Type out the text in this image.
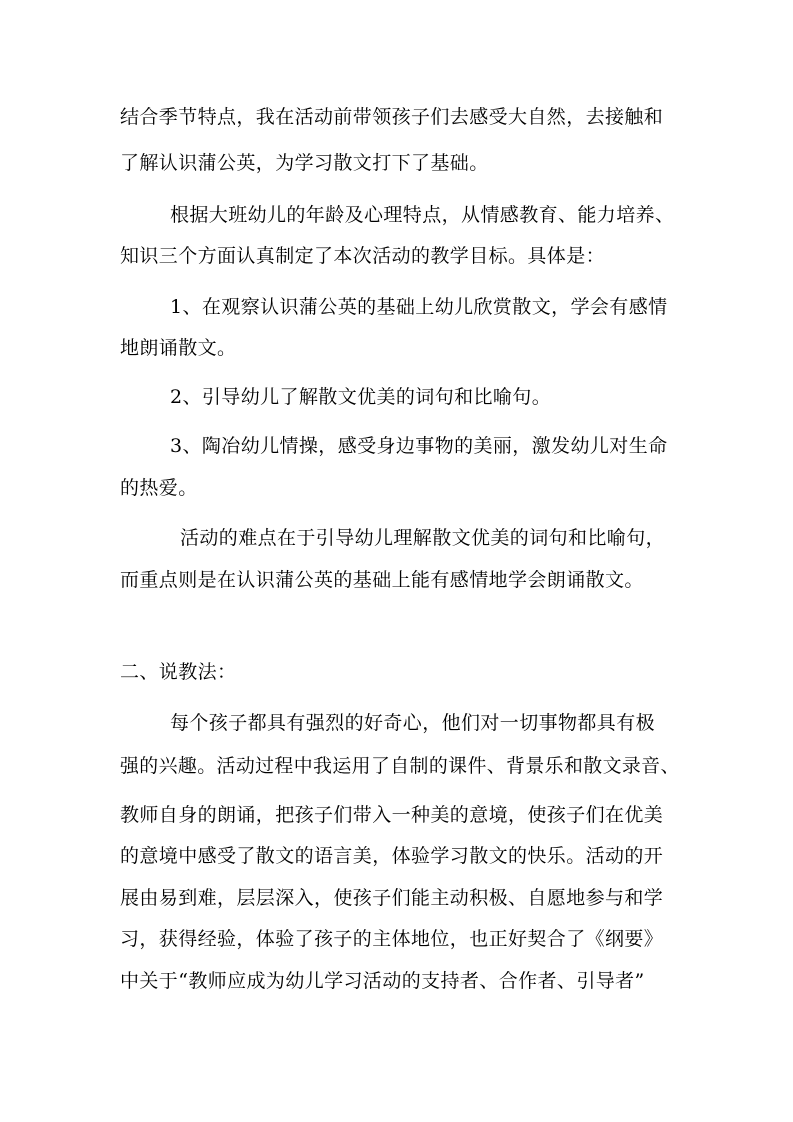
结合季节特点，我在活动前带领孩子们去感受大自然，去接触和
了解认识蒲公英，为学习散文打下了基础。
根据大班幼儿的年龄及心理特点，从情感教育、能力培养、
知识三个方面认真制定了本次活动的教学目标。具体是：
1、在观察认识蒲公英的基础上幼儿欣赏散文，学会有感情
地朗诵散文。
2、引导幼儿了解散文优美的词句和比喻句。
3、陶冶幼儿情操，感受身边事物的美丽，激发幼儿对生命
的热爱。
活动的难点在于引导幼儿理解散文优美的词句和比喻句，
而重点则是在认识蒲公英的基础上能有感情地学会朗诵散文。
二、说教法：
每个孩子都具有强烈的好奇心，他们对一切事物都具有极
强的兴趣。活动过程中我运用了自制的课件、背景乐和散文录音、
教师自身的朗诵，把孩子们带入一种美的意境，使孩子们在优美
的意境中感受了散文的语言美，体验学习散文的快乐。活动的开
展由易到难，层层深入，使孩子们能主动积极、自愿地参与和学
习，获得经验，体验了孩子的主体地位，也正好契合了《纲要》
中关于“教师应成为幼儿学习活动的支持者、合作者、引导者”
